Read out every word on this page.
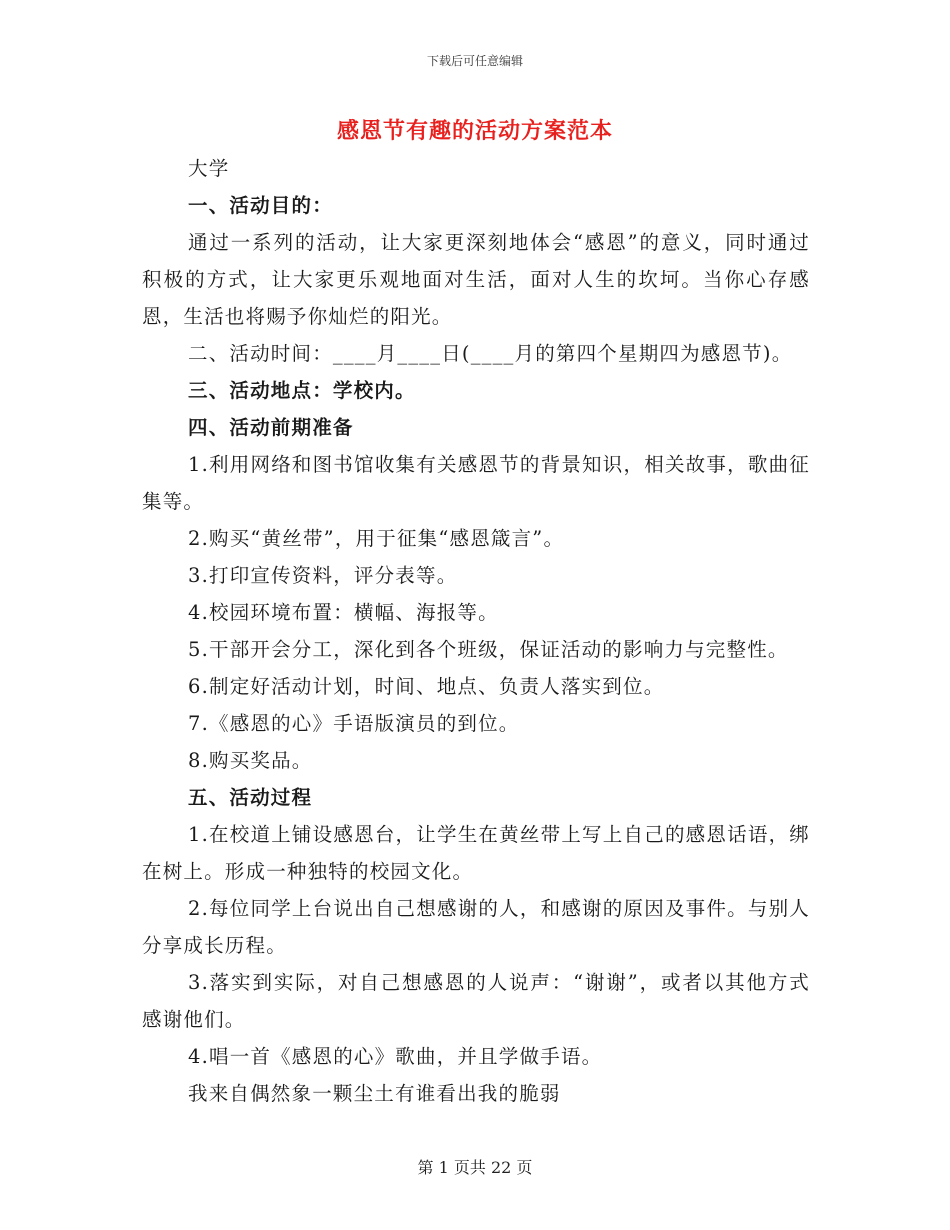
下载后可任意编辑
感恩节有趣的活动方案范本

大学

一、活动目的：

通过一系列的活动，让大家更深刻地体会“感恩”的意义，同时通过积极的方式，让大家更乐观地面对生活，面对人生的坎坷。当你心存感恩，生活也将赐予你灿烂的阳光。

二、活动时间：____月____日(____月的第四个星期四为感恩节)。

三、活动地点：学校内。

四、活动前期准备

1.利用网络和图书馆收集有关感恩节的背景知识，相关故事，歌曲征集等。

2.购买“黄丝带”，用于征集“感恩箴言”。

3.打印宣传资料，评分表等。

4.校园环境布置：横幅、海报等。

5.干部开会分工，深化到各个班级，保证活动的影响力与完整性。

6.制定好活动计划，时间、地点、负责人落实到位。

7.《感恩的心》手语版演员的到位。

8.购买奖品。

五、活动过程

1.在校道上铺设感恩台，让学生在黄丝带上写上自己的感恩话语，绑在树上。形成一种独特的校园文化。

2.每位同学上台说出自己想感谢的人，和感谢的原因及事件。与别人分享成长历程。

3.落实到实际，对自己想感恩的人说声：“谢谢”，或者以其他方式感谢他们。

4.唱一首《感恩的心》歌曲，并且学做手语。

我来自偶然象一颗尘土有谁看出我的脆弱

第 1 页共 22 页
